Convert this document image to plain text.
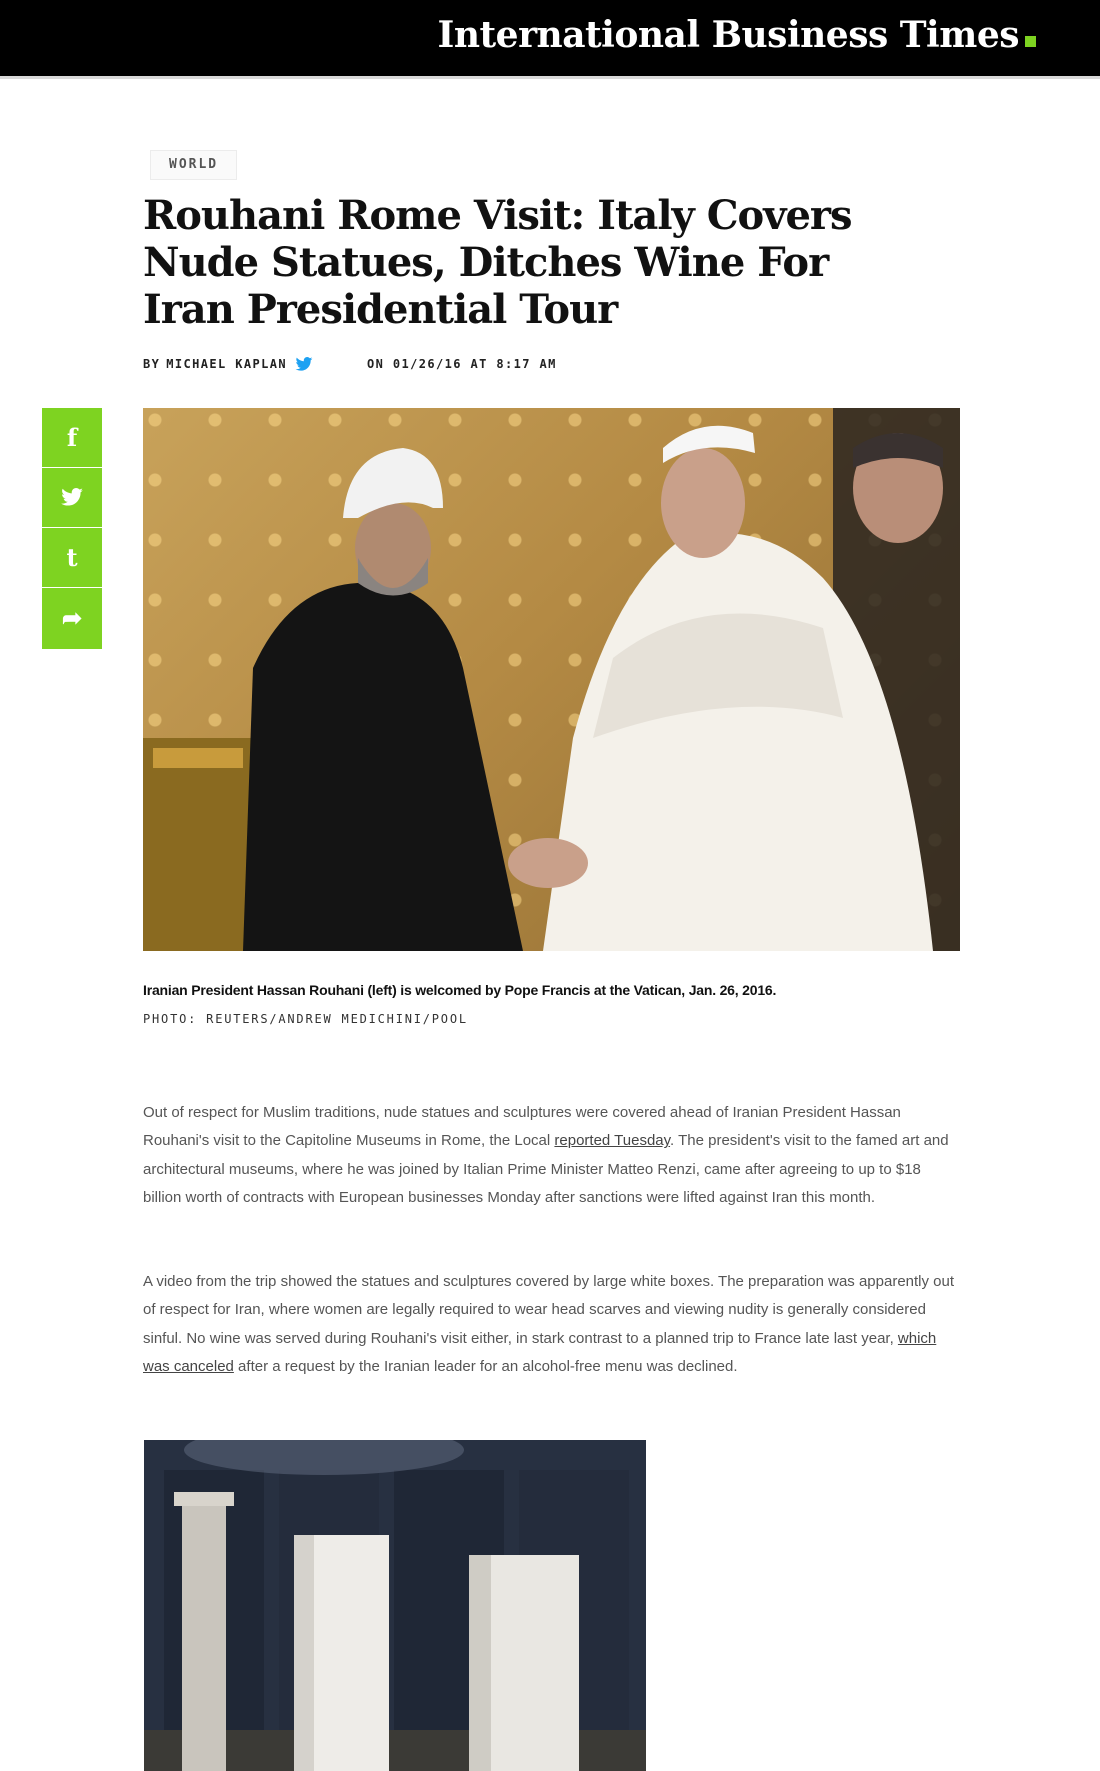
International Business Times
WORLD
Rouhani Rome Visit: Italy Covers Nude Statues, Ditches Wine For Iran Presidential Tour
BY MICHAEL KAPLAN	ON 01/26/16 AT 8:17 AM
f
t
➦
Iranian President Hassan Rouhani (left) is welcomed by Pope Francis at the Vatican, Jan. 26, 2016.
PHOTO: REUTERS/ANDREW MEDICHINI/POOL

Out of respect for Muslim traditions, nude statues and sculptures were covered ahead of Iranian President Hassan Rouhani's visit to the Capitoline Museums in Rome, the Local reported Tuesday. The president's visit to the famed art and architectural museums, where he was joined by Italian Prime Minister Matteo Renzi, came after agreeing to up to $18 billion worth of contracts with European businesses Monday after sanctions were lifted against Iran this month.

A video from the trip showed the statues and sculptures covered by large white boxes. The preparation was apparently out of respect for Iran, where women are legally required to wear head scarves and viewing nudity is generally considered sinful. No wine was served during Rouhani's visit either, in stark contrast to a planned trip to France late last year, which was canceled after a request by the Iranian leader for an alcohol-free menu was declined.
